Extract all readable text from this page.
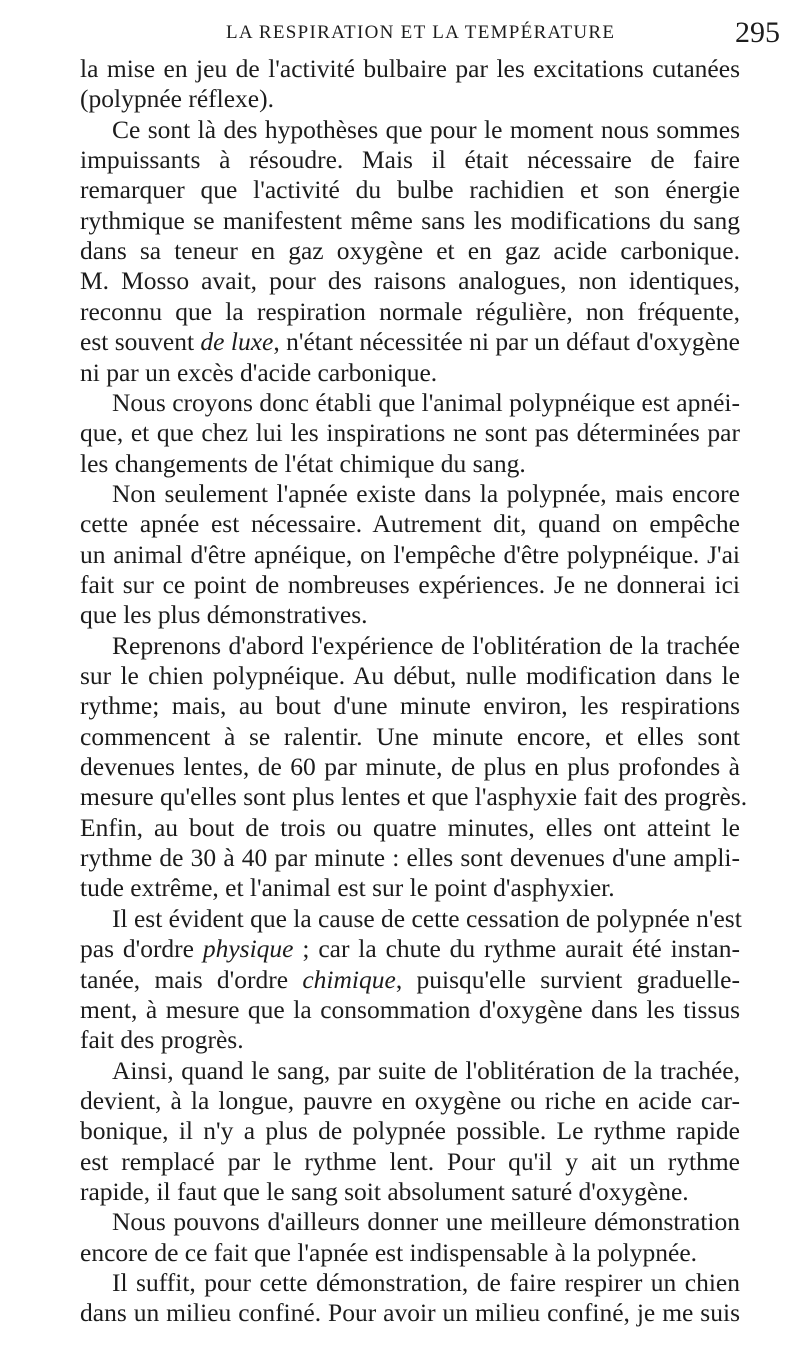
LA RESPIRATION ET LA TEMPÉRATURE	295
la mise en jeu de l'activité bulbaire par les excitations cutanées
(polypnée réflexe).
Ce sont là des hypothèses que pour le moment nous sommes
impuissants à résoudre. Mais il était nécessaire de faire
remarquer que l'activité du bulbe rachidien et son énergie
rythmique se manifestent même sans les modifications du sang
dans sa teneur en gaz oxygène et en gaz acide carbonique.
M. Mosso avait, pour des raisons analogues, non identiques,
reconnu que la respiration normale régulière, non fréquente,
est souvent de luxe, n'étant nécessitée ni par un défaut d'oxygène
ni par un excès d'acide carbonique.
Nous croyons donc établi que l'animal polypnéique est apnéi-
que, et que chez lui les inspirations ne sont pas déterminées par
les changements de l'état chimique du sang.
Non seulement l'apnée existe dans la polypnée, mais encore
cette apnée est nécessaire. Autrement dit, quand on empêche
un animal d'être apnéique, on l'empêche d'être polypnéique. J'ai
fait sur ce point de nombreuses expériences. Je ne donnerai ici
que les plus démonstratives.
Reprenons d'abord l'expérience de l'oblitération de la trachée
sur le chien polypnéique. Au début, nulle modification dans le
rythme; mais, au bout d'une minute environ, les respirations
commencent à se ralentir. Une minute encore, et elles sont
devenues lentes, de 60 par minute, de plus en plus profondes à
mesure qu'elles sont plus lentes et que l'asphyxie fait des progrès.
Enfin, au bout de trois ou quatre minutes, elles ont atteint le
rythme de 30 à 40 par minute : elles sont devenues d'une ampli-
tude extrême, et l'animal est sur le point d'asphyxier.
Il est évident que la cause de cette cessation de polypnée n'est
pas d'ordre physique ; car la chute du rythme aurait été instan-
tanée, mais d'ordre chimique, puisqu'elle survient graduelle-
ment, à mesure que la consommation d'oxygène dans les tissus
fait des progrès.
Ainsi, quand le sang, par suite de l'oblitération de la trachée,
devient, à la longue, pauvre en oxygène ou riche en acide car-
bonique, il n'y a plus de polypnée possible. Le rythme rapide
est remplacé par le rythme lent. Pour qu'il y ait un rythme
rapide, il faut que le sang soit absolument saturé d'oxygène.
Nous pouvons d'ailleurs donner une meilleure démonstration
encore de ce fait que l'apnée est indispensable à la polypnée.
Il suffit, pour cette démonstration, de faire respirer un chien
dans un milieu confiné. Pour avoir un milieu confiné, je me suis
